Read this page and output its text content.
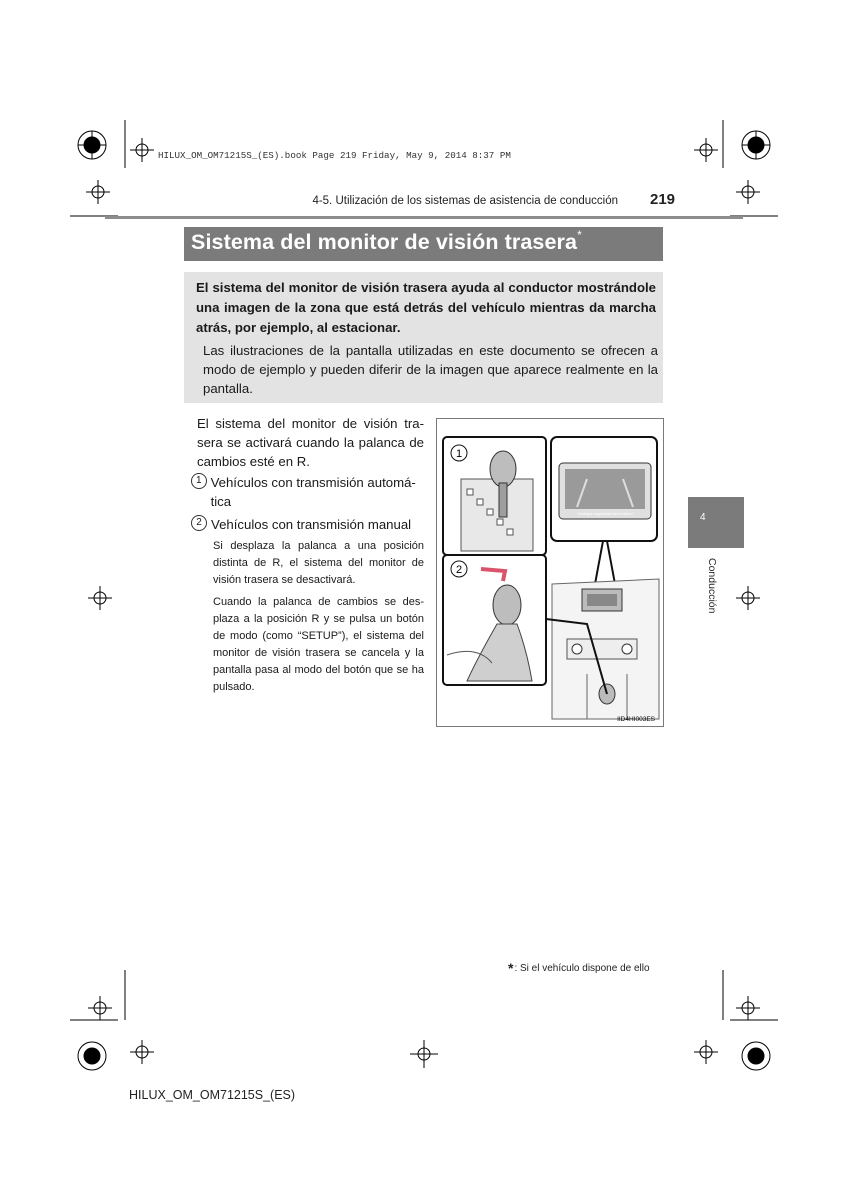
HILUX_OM_OM71215S_(ES).book Page 219 Friday, May 9, 2014 8:37 PM
4-5. Utilización de los sistemas de asistencia de conducción 219
Sistema del monitor de visión trasera*
El sistema del monitor de visión trasera ayuda al conductor mostrándole una imagen de la zona que está detrás del vehículo mientras da marcha atrás, por ejemplo, al estacionar.
Las ilustraciones de la pantalla utilizadas en este documento se ofrecen a modo de ejemplo y pueden diferir de la imagen que aparece realmente en la pantalla.
El sistema del monitor de visión trasera se activará cuando la palanca de cambios esté en R.
1 Vehículos con transmisión automática
2 Vehículos con transmisión manual
Si desplaza la palanca a una posición distinta de R, el sistema del monitor de visión trasera se desactivará.
Cuando la palanca de cambios se desplaza a la posición R y se pulsa un botón de modo (como “SETUP”), el sistema del monitor de visión trasera se cancela y la pantalla pasa al modo del botón que se ha pulsado.
1
2
Verifique seguridad del entorno
IID4HI003ES
4
Conducción
*: Si el vehículo dispone de ello
HILUX_OM_OM71215S_(ES)
